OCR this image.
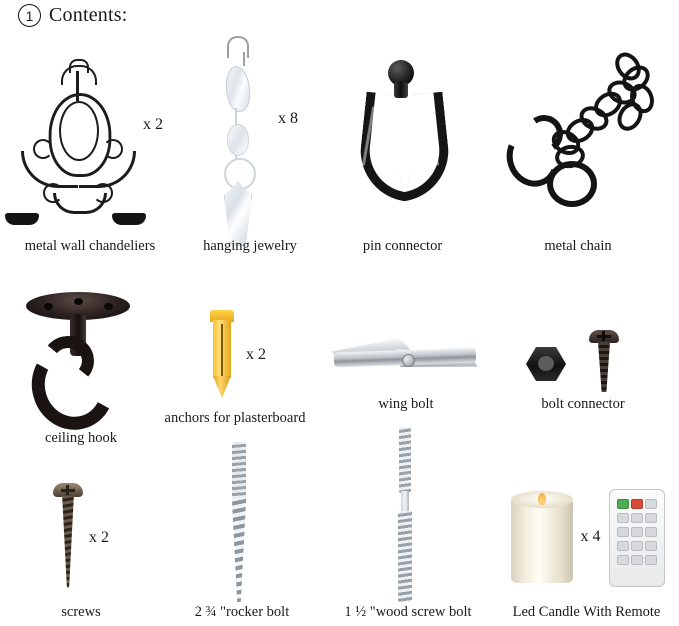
1 Contents:
x 2
metal wall chandeliers
x 8
hanging jewelry	pin connector	metal chain
ceiling hook
x 2
anchors for plasterboard
wing bolt	bolt connector
x 2
screws	2 ¾ "rocker bolt	1 ½ "wood screw bolt
x 4
Led Candle With Remote
